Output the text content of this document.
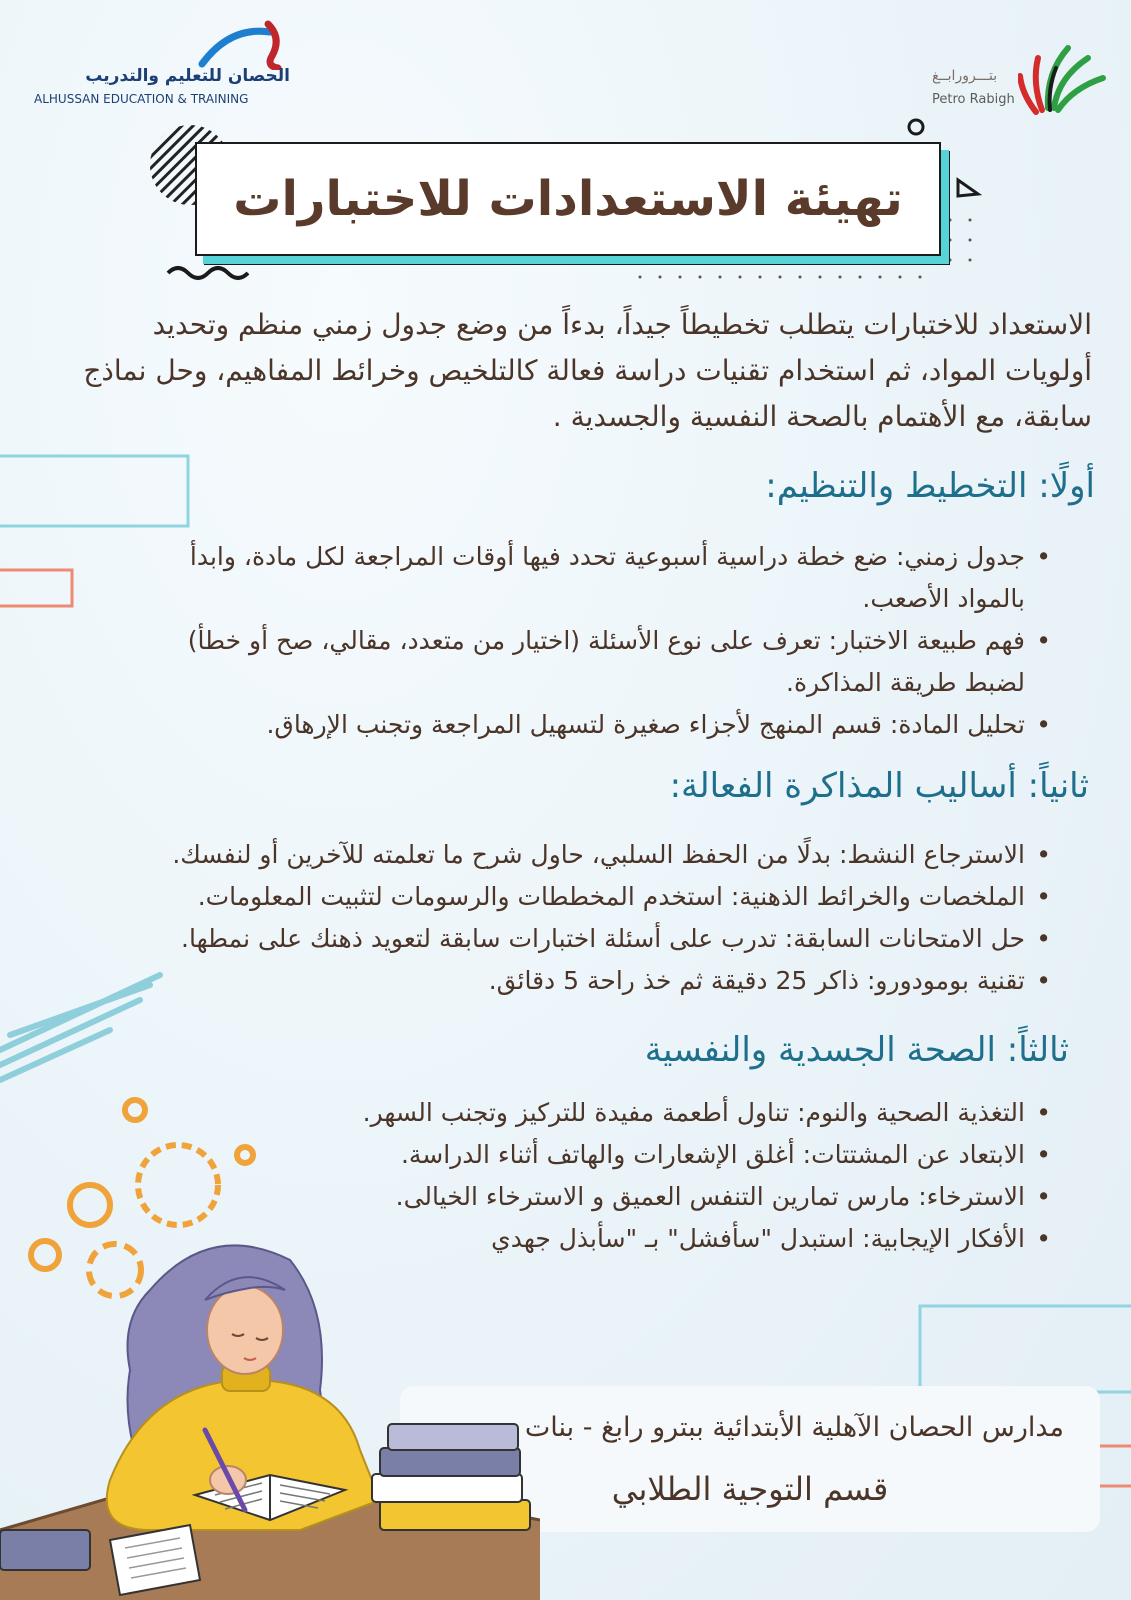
الحصان للتعليم والتدريب
ALHUSSAN EDUCATION & TRAINING
بتـــرورابــغ
Petro Rabigh
تهيئة الاستعدادات للاختبارات
الاستعداد للاختبارات يتطلب تخطيطاً جيداً، بدءاً من وضع جدول زمني منظم وتحديد أولويات المواد، ثم استخدام تقنيات دراسة فعالة كالتلخيص وخرائط المفاهيم، وحل نماذج سابقة، مع الأهتمام بالصحة النفسية والجسدية .
أولًا: التخطيط والتنظيم:
• جدول زمني: ضع خطة دراسية أسبوعية تحدد فيها أوقات المراجعة لكل مادة، وابدأ بالمواد الأصعب.
• فهم طبيعة الاختبار: تعرف على نوع الأسئلة (اختيار من متعدد، مقالي، صح أو خطأ) لضبط طريقة المذاكرة.
• تحليل المادة: قسم المنهج لأجزاء صغيرة لتسهيل المراجعة وتجنب الإرهاق.
ثانياً: أساليب المذاكرة الفعالة:
• الاسترجاع النشط: بدلًا من الحفظ السلبي، حاول شرح ما تعلمته للآخرين أو لنفسك.
• الملخصات والخرائط الذهنية: استخدم المخططات والرسومات لتثبيت المعلومات.
• حل الامتحانات السابقة: تدرب على أسئلة اختبارات سابقة لتعويد ذهنك على نمطها.
• تقنية بومودورو: ذاكر 25 دقيقة ثم خذ راحة 5 دقائق.
ثالثاً: الصحة الجسدية والنفسية
• التغذية الصحية والنوم: تناول أطعمة مفيدة للتركيز وتجنب السهر.
• الابتعاد عن المشتتات: أغلق الإشعارات والهاتف أثناء الدراسة.
• الاسترخاء: مارس تمارين التنفس العميق و الاسترخاء الخيالى.
• الأفكار الإيجابية: استبدل "سأفشل" بـ "سأبذل جهدي
مدارس الحصان الآهلية الأبتدائية ببترو رابغ - بنات
قسم التوجية الطلابي
